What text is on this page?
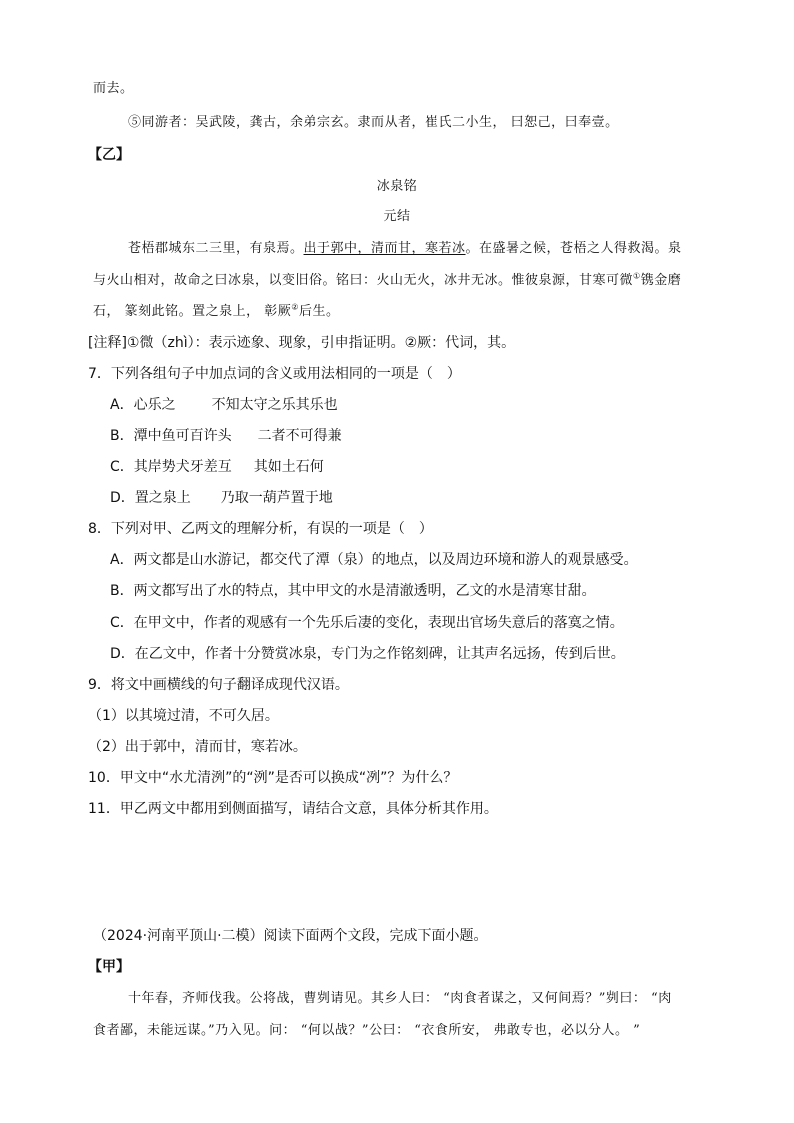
而去。
⑤同游者：吴武陵，龚古，余弟宗玄。隶而从者，崔氏二小生， 曰恕己，曰奉壹。
【乙】
冰泉铭
元结
苍梧郡城东二三里，有泉焉。出于郭中，清而甘，寒若冰。在盛暑之候，苍梧之人得救渴。泉
与火山相对，故命之曰冰泉，以变旧俗。铭曰：火山无火，冰井无冰。惟彼泉源，甘寒可微①镌金磨
石， 篆刻此铭。置之泉上， 彰厥②后生。
[注释]①微（zhì）：表示迹象、现象，引申指证明。②厥：代词，其。
7．下列各组句子中加点词的含义或用法相同的一项是（　）
A．心乐之	不知太守之乐其乐也
B．潭中鱼可百许头 二者不可得兼
C．其岸势犬牙差互 其如土石何
D．置之泉上 乃取一葫芦置于地
8．下列对甲、乙两文的理解分析，有误的一项是（　）
A．两文都是山水游记，都交代了潭（泉）的地点，以及周边环境和游人的观景感受。
B．两文都写出了水的特点，其中甲文的水是清澈透明，乙文的水是清寒甘甜。
C．在甲文中，作者的观感有一个先乐后凄的变化，表现出官场失意后的落寞之情。
D．在乙文中，作者十分赞赏冰泉，专门为之作铭刻碑，让其声名远扬，传到后世。
9．将文中画横线的句子翻译成现代汉语。
（1）以其境过清，不可久居。
（2）出于郭中，清而甘，寒若冰。
10．甲文中“水尤清洌”的“洌”是否可以换成“冽”？为什么？
11．甲乙两文中都用到侧面描写，请结合文意，具体分析其作用。
（2024·河南平顶山·二模）阅读下面两个文段，完成下面小题。
【甲】
十年春，齐师伐我。公将战，曹刿请见。其乡人曰： “肉食者谋之，又何间焉？”刿曰： “肉
食者鄙，未能远谋。”乃入见。问： “何以战？”公曰： “衣食所安， 弗敢专也，必以分人。 ”
